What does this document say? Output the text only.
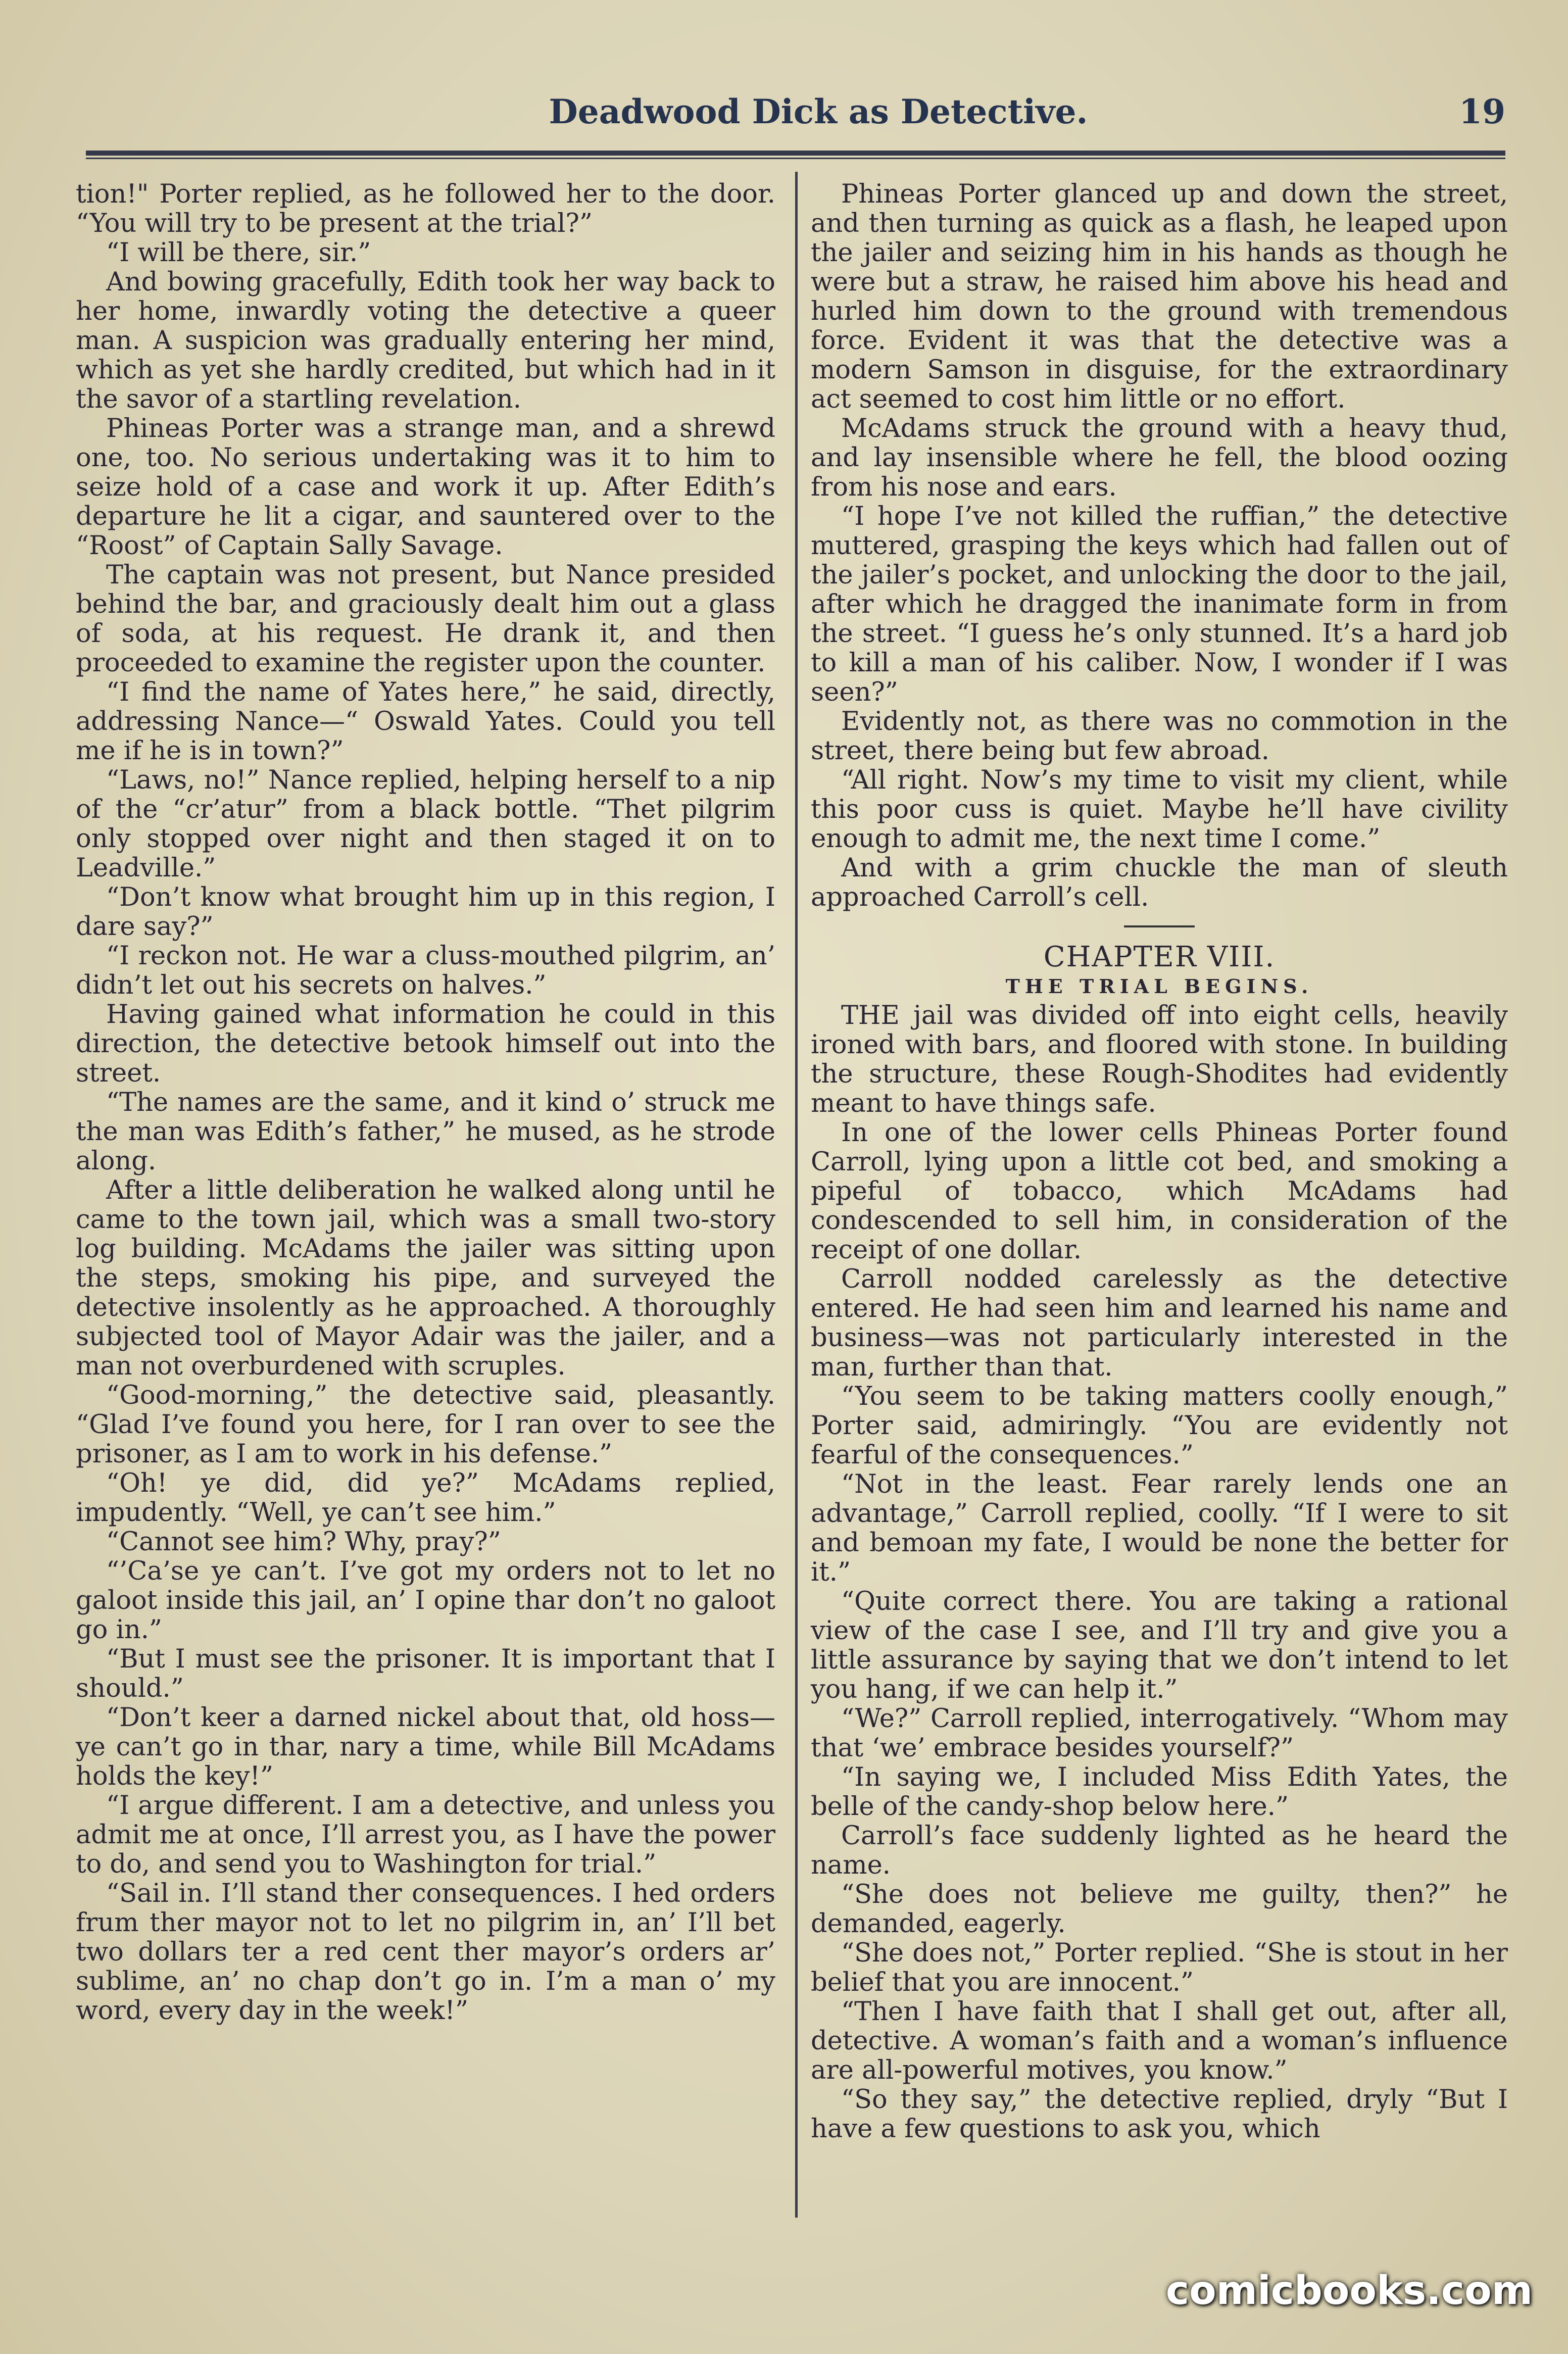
Deadwood Dick as Detective.	19

tion!" Porter replied, as he followed her to the door. “You will try to be present at the trial?”

“I will be there, sir.”

And bowing gracefully, Edith took her way back to her home, inwardly voting the detective a queer man. A suspicion was gradually entering her mind, which as yet she hardly credited, but which had in it the savor of a startling revelation.

Phineas Porter was a strange man, and a shrewd one, too. No serious undertaking was it to him to seize hold of a case and work it up. After Edith’s departure he lit a cigar, and sauntered over to the “Roost” of Captain Sally Savage.

The captain was not present, but Nance presided behind the bar, and graciously dealt him out a glass of soda, at his request. He drank it, and then proceeded to examine the register upon the counter.

“I find the name of Yates here,” he said, directly, addressing Nance—“ Oswald Yates. Could you tell me if he is in town?”

“Laws, no!” Nance replied, helping herself to a nip of the “cr’atur” from a black bottle. “Thet pilgrim only stopped over night and then staged it on to Leadville.”

“Don’t know what brought him up in this region, I dare say?”

“I reckon not. He war a cluss-mouthed pilgrim, an’ didn’t let out his secrets on halves.”

Having gained what information he could in this direction, the detective betook himself out into the street.

“The names are the same, and it kind o’ struck me the man was Edith’s father,” he mused, as he strode along.

After a little deliberation he walked along until he came to the town jail, which was a small two-story log building. McAdams the jailer was sitting upon the steps, smoking his pipe, and surveyed the detective insolently as he approached. A thoroughly subjected tool of Mayor Adair was the jailer, and a man not overburdened with scruples.

“Good-morning,” the detective said, pleasantly. “Glad I’ve found you here, for I ran over to see the prisoner, as I am to work in his defense.”

“Oh! ye did, did ye?” McAdams replied, impudently. “Well, ye can’t see him.”

“Cannot see him? Why, pray?”

“’Ca’se ye can’t. I’ve got my orders not to let no galoot inside this jail, an’ I opine thar don’t no galoot go in.”

“But I must see the prisoner. It is important that I should.”

“Don’t keer a darned nickel about that, old hoss—ye can’t go in thar, nary a time, while Bill McAdams holds the key!”

“I argue different. I am a detective, and unless you admit me at once, I’ll arrest you, as I have the power to do, and send you to Washington for trial.”

“Sail in. I’ll stand ther consequences. I hed orders frum ther mayor not to let no pilgrim in, an’ I’ll bet two dollars ter a red cent ther mayor’s orders ar’ sublime, an’ no chap don’t go in. I’m a man o’ my word, every day in the week!”

Phineas Porter glanced up and down the street, and then turning as quick as a flash, he leaped upon the jailer and seizing him in his hands as though he were but a straw, he raised him above his head and hurled him down to the ground with tremendous force. Evident it was that the detective was a modern Samson in disguise, for the extraordinary act seemed to cost him little or no effort.

McAdams struck the ground with a heavy thud, and lay insensible where he fell, the blood oozing from his nose and ears.

“I hope I’ve not killed the ruffian,” the detective muttered, grasping the keys which had fallen out of the jailer’s pocket, and unlocking the door to the jail, after which he dragged the inanimate form in from the street. “I guess he’s only stunned. It’s a hard job to kill a man of his caliber. Now, I wonder if I was seen?”

Evidently not, as there was no commotion in the street, there being but few abroad.

“All right. Now’s my time to visit my client, while this poor cuss is quiet. Maybe he’ll have civility enough to admit me, the next time I come.”

And with a grim chuckle the man of sleuth approached Carroll’s cell.

CHAPTER VIII.

THE TRIAL BEGINS.

THE jail was divided off into eight cells, heavily ironed with bars, and floored with stone. In building the structure, these Rough-Shodites had evidently meant to have things safe.

In one of the lower cells Phineas Porter found Carroll, lying upon a little cot bed, and smoking a pipeful of tobacco, which McAdams had condescended to sell him, in consideration of the receipt of one dollar.

Carroll nodded carelessly as the detective entered. He had seen him and learned his name and business—was not particularly interested in the man, further than that.

“You seem to be taking matters coolly enough,” Porter said, admiringly. “You are evidently not fearful of the consequences.”

“Not in the least. Fear rarely lends one an advantage,” Carroll replied, coolly. “If I were to sit and bemoan my fate, I would be none the better for it.”

“Quite correct there. You are taking a rational view of the case I see, and I’ll try and give you a little assurance by saying that we don’t intend to let you hang, if we can help it.”

“We?” Carroll replied, interrogatively. “Whom may that ‘we’ embrace besides yourself?”

“In saying we, I included Miss Edith Yates, the belle of the candy-shop below here.”

Carroll’s face suddenly lighted as he heard the name.

“She does not believe me guilty, then?” he demanded, eagerly.

“She does not,” Porter replied. “She is stout in her belief that you are innocent.”

“Then I have faith that I shall get out, after all, detective. A woman’s faith and a woman’s influence are all-powerful motives, you know.”

“So they say,” the detective replied, dryly “But I have a few questions to ask you, which

comicbooks.com
